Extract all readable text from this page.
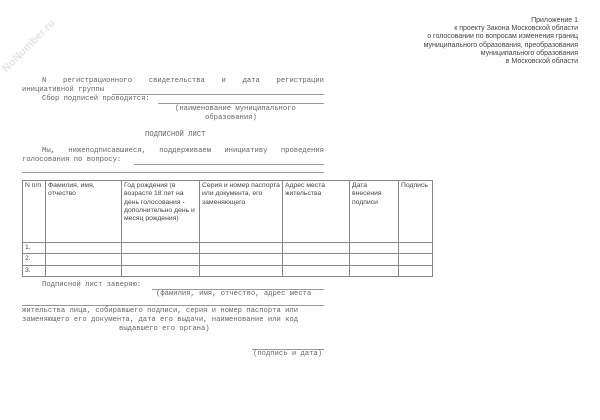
NoNumber.ru	Приложение 1
к проекту Закона Московской области
о голосовании по вопросам изменения границ
муниципального образования, преобразования
муниципального образования
в Московской области
N регистрационного свидетельства и дата регистрации
инициативной группы
Сбор подписей проводится:
(наименование муниципального
образования)
ПОДПИСНОЙ ЛИСТ
Мы, нижеподписавшиеся, поддерживаем инициативу проведения
голосования по вопросу:
N п/п	Фамилия, имя, отчество	Год рождения (в возрасте 18 лет на день голосования - дополнительно день и месяц рождения)	Серия и номер паспорта или документа, его заменяющего	Адрес места жительства	Дата внесения подписи	Подпись
1.						
2.						
3.						
Подписной лист заверяю:
(фамилия, имя, отчество, адрес места
жительства лица, собиравшего подписи, серия и номер паспорта или
заменяющего его документа, дата его выдачи, наименование или код
выдавшего его органа)
(подпись и дата)
